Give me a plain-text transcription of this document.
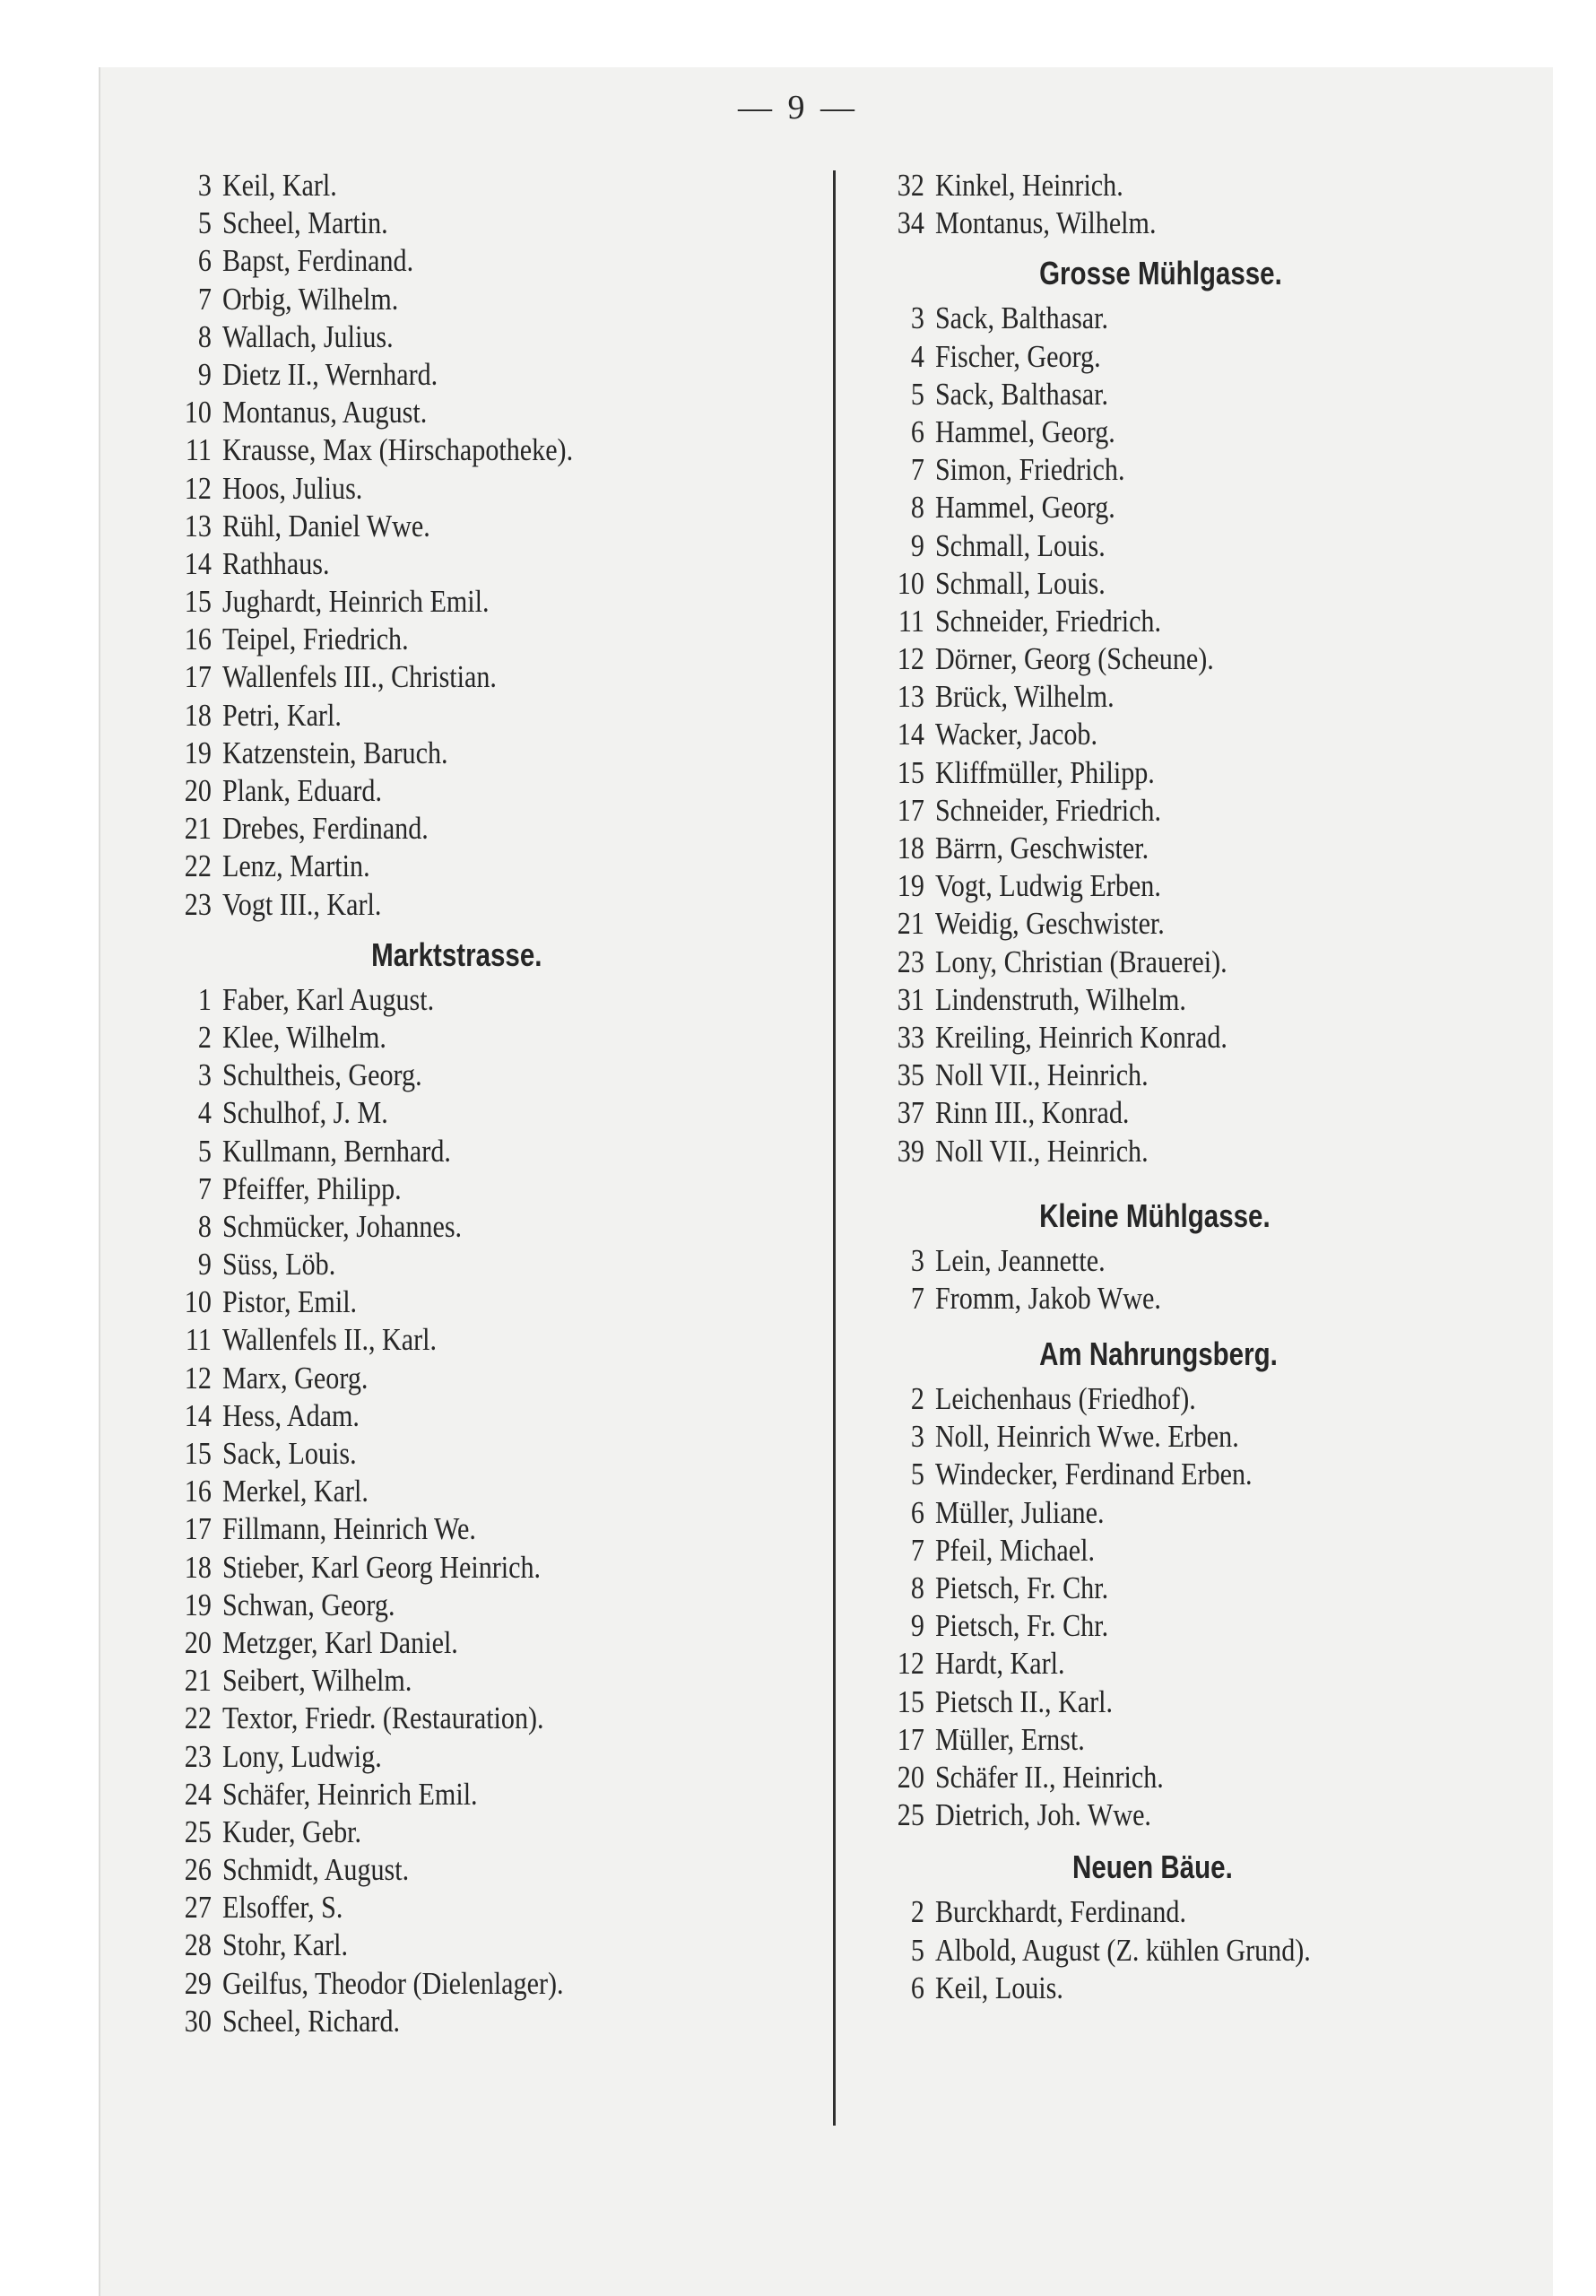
— 9 —
3 Keil, Karl.
5 Scheel, Martin.
6 Bapst, Ferdinand.
7 Orbig, Wilhelm.
8 Wallach, Julius.
9 Dietz II., Wernhard.
10 Montanus, August.
11 Krausse, Max (Hirschapotheke).
12 Hoos, Julius.
13 Rühl, Daniel Wwe.
14 Rathhaus.
15 Jughardt, Heinrich Emil.
16 Teipel, Friedrich.
17 Wallenfels III., Christian.
18 Petri, Karl.
19 Katzenstein, Baruch.
20 Plank, Eduard.
21 Drebes, Ferdinand.
22 Lenz, Martin.
23 Vogt III., Karl.
Marktstrasse.
1 Faber, Karl August.
2 Klee, Wilhelm.
3 Schultheis, Georg.
4 Schulhof, J. M.
5 Kullmann, Bernhard.
7 Pfeiffer, Philipp.
8 Schmücker, Johannes.
9 Süss, Löb.
10 Pistor, Emil.
11 Wallenfels II., Karl.
12 Marx, Georg.
14 Hess, Adam.
15 Sack, Louis.
16 Merkel, Karl.
17 Fillmann, Heinrich We.
18 Stieber, Karl Georg Heinrich.
19 Schwan, Georg.
20 Metzger, Karl Daniel.
21 Seibert, Wilhelm.
22 Textor, Friedr. (Restauration).
23 Lony, Ludwig.
24 Schäfer, Heinrich Emil.
25 Kuder, Gebr.
26 Schmidt, August.
27 Elsoffer, S.
28 Stohr, Karl.
29 Geilfus, Theodor (Dielenlager).
30 Scheel, Richard.
32 Kinkel, Heinrich.
34 Montanus, Wilhelm.
Grosse Mühlgasse.
3 Sack, Balthasar.
4 Fischer, Georg.
5 Sack, Balthasar.
6 Hammel, Georg.
7 Simon, Friedrich.
8 Hammel, Georg.
9 Schmall, Louis.
10 Schmall, Louis.
11 Schneider, Friedrich.
12 Dörner, Georg (Scheune).
13 Brück, Wilhelm.
14 Wacker, Jacob.
15 Kliffmüller, Philipp.
17 Schneider, Friedrich.
18 Bärrn, Geschwister.
19 Vogt, Ludwig Erben.
21 Weidig, Geschwister.
23 Lony, Christian (Brauerei).
31 Lindenstruth, Wilhelm.
33 Kreiling, Heinrich Konrad.
35 Noll VII., Heinrich.
37 Rinn III., Konrad.
39 Noll VII., Heinrich.
Kleine Mühlgasse.
3 Lein, Jeannette.
7 Fromm, Jakob Wwe.
Am Nahrungsberg.
2 Leichenhaus (Friedhof).
3 Noll, Heinrich Wwe. Erben.
5 Windecker, Ferdinand Erben.
6 Müller, Juliane.
7 Pfeil, Michael.
8 Pietsch, Fr. Chr.
9 Pietsch, Fr. Chr.
12 Hardt, Karl.
15 Pietsch II., Karl.
17 Müller, Ernst.
20 Schäfer II., Heinrich.
25 Dietrich, Joh. Wwe.
Neuen Bäue.
2 Burckhardt, Ferdinand.
5 Albold, August (Z. kühlen Grund).
6 Keil, Louis.
